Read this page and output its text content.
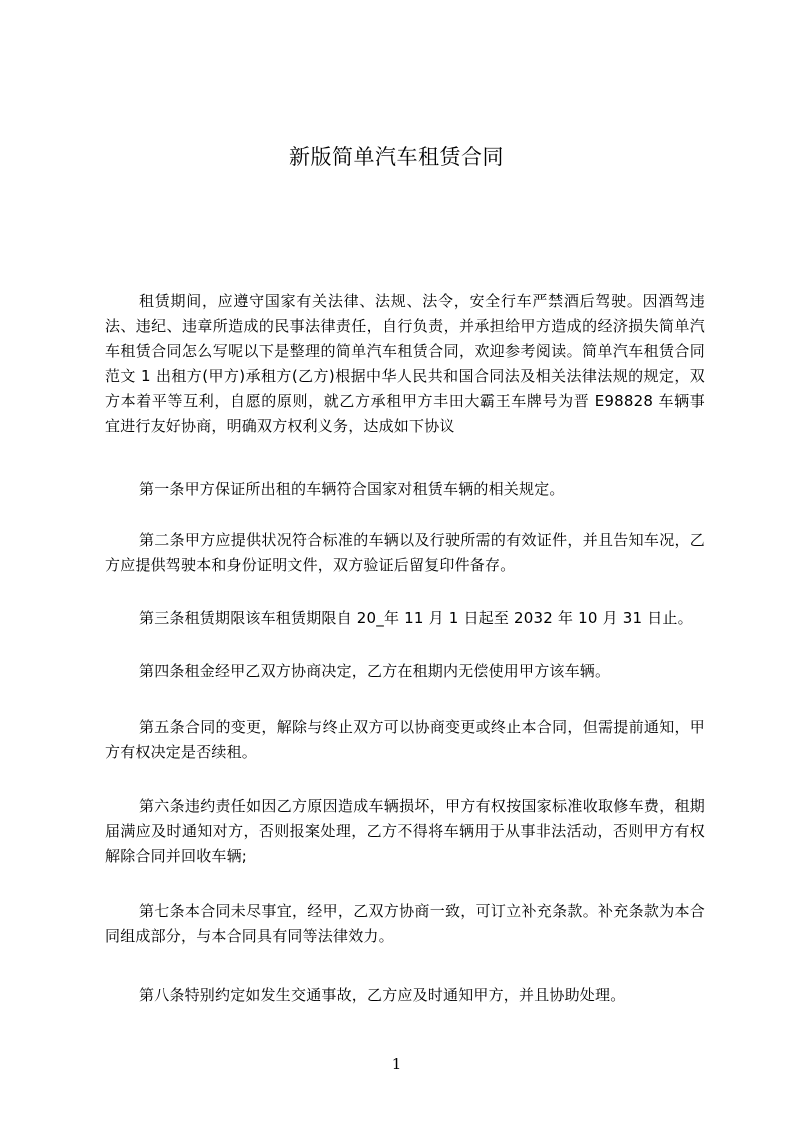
新版简单汽车租赁合同
租赁期间，应遵守国家有关法律、法规、法令，安全行车严禁酒后驾驶。因酒驾违法、违纪、违章所造成的民事法律责任，自行负责，并承担给甲方造成的经济损失简单汽车租赁合同怎么写呢以下是整理的简单汽车租赁合同，欢迎参考阅读。简单汽车租赁合同范文 1 出租方(甲方)承租方(乙方)根据中华人民共和国合同法及相关法律法规的规定，双方本着平等互利，自愿的原则，就乙方承租甲方丰田大霸王车牌号为晋 E98828 车辆事宜进行友好协商，明确双方权利义务，达成如下协议
第一条甲方保证所出租的车辆符合国家对租赁车辆的相关规定。
第二条甲方应提供状况符合标准的车辆以及行驶所需的有效证件，并且告知车况，乙方应提供驾驶本和身份证明文件，双方验证后留复印件备存。
第三条租赁期限该车租赁期限自 20_年 11 月 1 日起至 2032 年 10 月 31 日止。
第四条租金经甲乙双方协商决定，乙方在租期内无偿使用甲方该车辆。
第五条合同的变更，解除与终止双方可以协商变更或终止本合同，但需提前通知，甲方有权决定是否续租。
第六条违约责任如因乙方原因造成车辆损坏，甲方有权按国家标准收取修车费，租期届满应及时通知对方，否则报案处理，乙方不得将车辆用于从事非法活动，否则甲方有权解除合同并回收车辆;
第七条本合同未尽事宜，经甲，乙双方协商一致，可订立补充条款。补充条款为本合同组成部分，与本合同具有同等法律效力。
第八条特别约定如发生交通事故，乙方应及时通知甲方，并且协助处理。
1
